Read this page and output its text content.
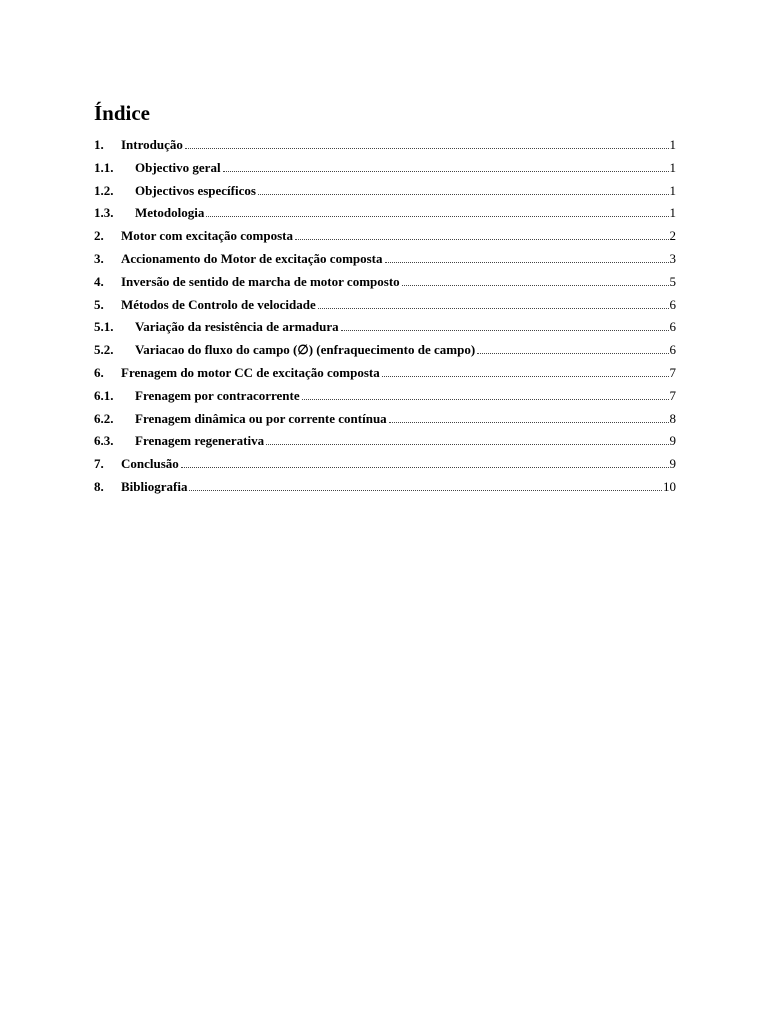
Índice
1.	Introdução	1
1.1.	Objectivo geral	1
1.2.	Objectivos específicos	1
1.3.	Metodologia	1
2.	Motor com excitação composta	2
3.	Accionamento do Motor de excitação composta	3
4.	Inversão de sentido de marcha de motor composto	5
5.	Métodos de Controlo de velocidade	6
5.1.	Variação da resistência de armadura	6
5.2.	Variacao do fluxo do campo (∅) (enfraquecimento de campo)	6
6.	Frenagem do motor CC de excitação composta	7
6.1.	Frenagem por contracorrente	7
6.2.	Frenagem dinâmica ou por corrente contínua	8
6.3.	Frenagem regenerativa	9
7.	Conclusão	9
8.	Bibliografia	10
